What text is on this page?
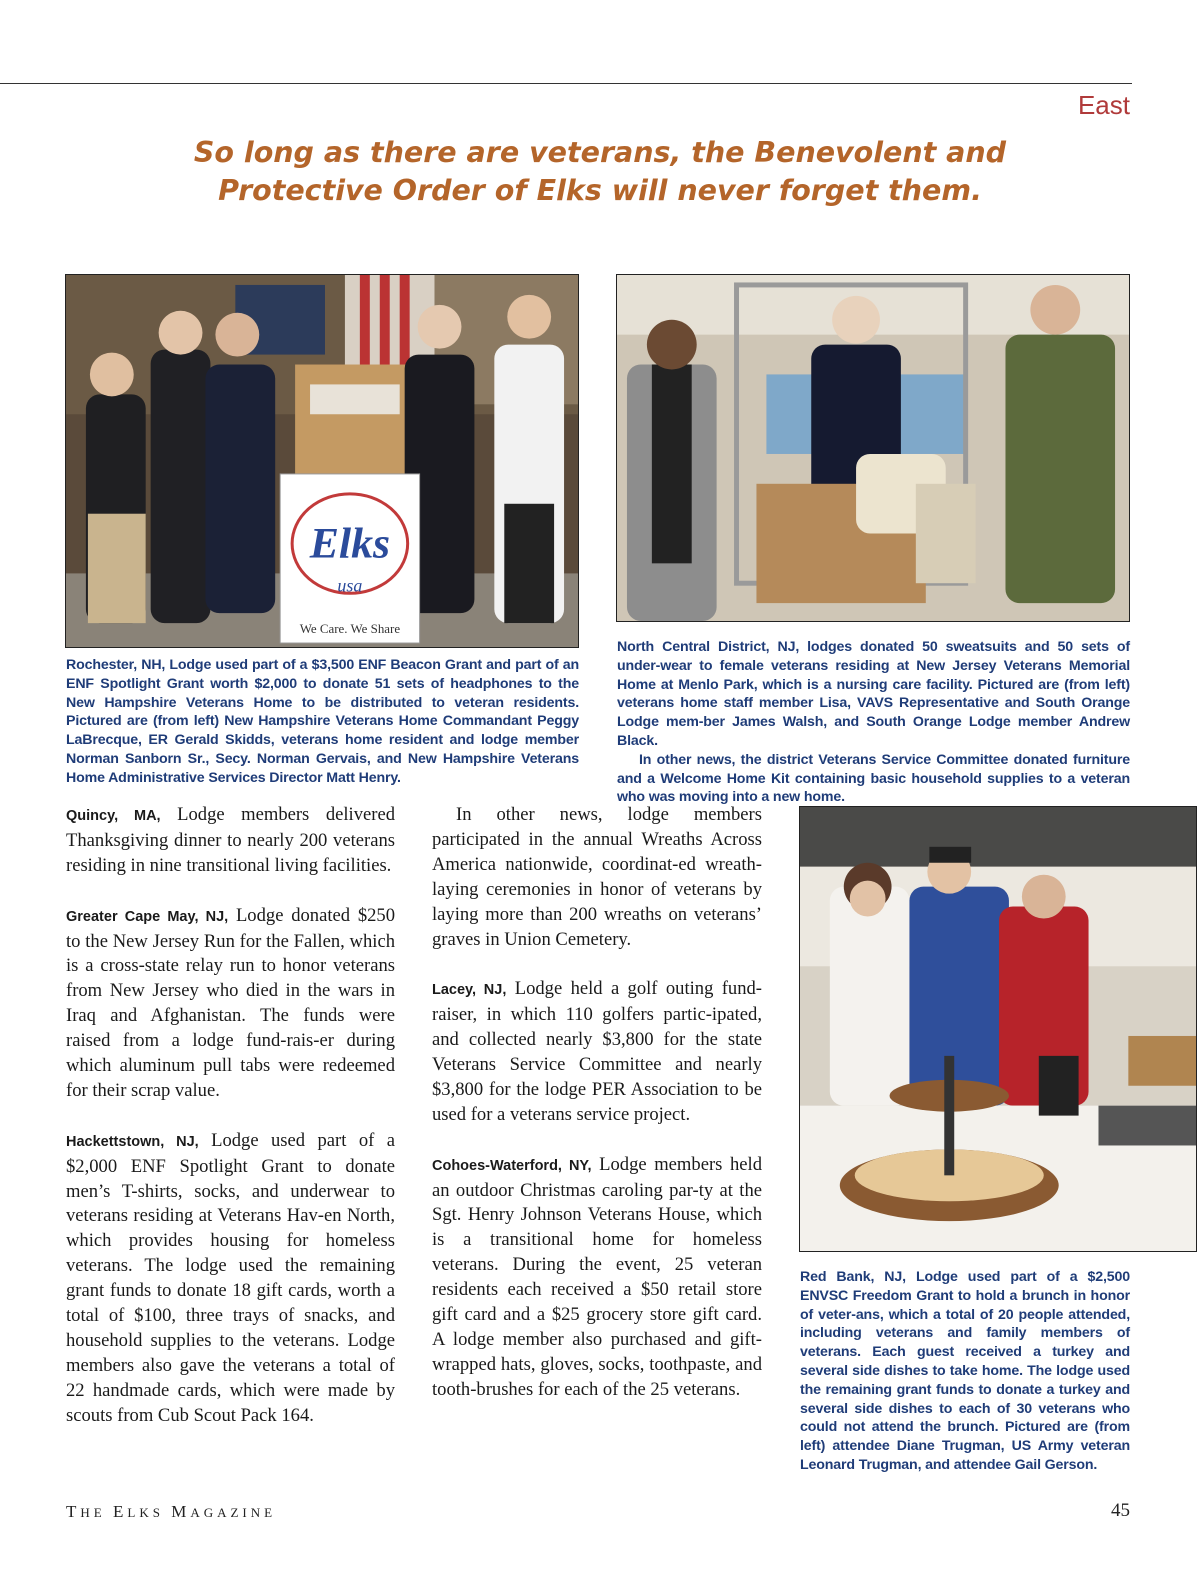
East
So long as there are veterans, the Benevolent and
Protective Order of Elks will never forget them.
Elks
usa
We Care. We Share
Rochester, NH, Lodge used part of a $3,500 ENF Beacon Grant and part of an ENF Spotlight Grant worth $2,000 to donate 51 sets of headphones to the New Hampshire Veterans Home to be distributed to veteran residents. Pictured are (from left) New Hampshire Veterans Home Commandant Peggy LaBrecque, ER Gerald Skidds, veterans home resident and lodge member Norman Sanborn Sr., Secy. Norman Gervais, and New Hampshire Veterans Home Administrative Services Director Matt Henry.
North Central District, NJ, lodges donated 50 sweatsuits and 50 sets of under-wear to female veterans residing at New Jersey Veterans Memorial Home at Menlo Park, which is a nursing care facility. Pictured are (from left) veterans home staff member Lisa, VAVS Representative and South Orange Lodge mem-ber James Walsh, and South Orange Lodge member Andrew Black.
In other news, the district Veterans Service Committee donated furniture and a Welcome Home Kit containing basic household supplies to a veteran who was moving into a new home.
Red Bank, NJ, Lodge used part of a $2,500 ENVSC Freedom Grant to hold a brunch in honor of veter-ans, which a total of 20 people attended, including veterans and family members of veterans. Each guest received a turkey and several side dishes to take home. The lodge used the remaining grant funds to donate a turkey and several side dishes to each of 30 veterans who could not attend the brunch. Pictured are (from left) attendee Diane Trugman, US Army veteran Leonard Trugman, and attendee Gail Gerson.

Quincy, MA, Lodge members delivered Thanksgiving dinner to nearly 200 veterans residing in nine transitional living facilities.

Greater Cape May, NJ, Lodge donated $250 to the New Jersey Run for the Fallen, which is a cross-state relay run to honor veterans from New Jersey who died in the wars in Iraq and Afghanistan. The funds were raised from a lodge fund-rais-er during which aluminum pull tabs were redeemed for their scrap value.

Hackettstown, NJ, Lodge used part of a $2,000 ENF Spotlight Grant to donate men’s T-shirts, socks, and underwear to veterans residing at Veterans Hav-en North, which provides housing for homeless veterans. The lodge used the remaining grant funds to donate 18 gift cards, worth a total of $100, three trays of snacks, and household supplies to the veterans. Lodge members also gave the veterans a total of 22 handmade cards, which were made by scouts from Cub Scout Pack 164.

In other news, lodge members participated in the annual Wreaths Across America nationwide, coordinat-ed wreath-laying ceremonies in honor of veterans by laying more than 200 wreaths on veterans’ graves in Union Cemetery.

Lacey, NJ, Lodge held a golf outing fund-raiser, in which 110 golfers partic-ipated, and collected nearly $3,800 for the state Veterans Service Committee and nearly $3,800 for the lodge PER Association to be used for a veterans service project.

Cohoes-Waterford, NY, Lodge members held an outdoor Christmas caroling par-ty at the Sgt. Henry Johnson Veterans House, which is a transitional home for homeless veterans. During the event, 25 veteran residents each received a $50 retail store gift card and a $25 grocery store gift card. A lodge member also purchased and gift-wrapped hats, gloves, socks, toothpaste, and tooth-brushes for each of the 25 veterans.

THE ELKS MAGAZINE	45
